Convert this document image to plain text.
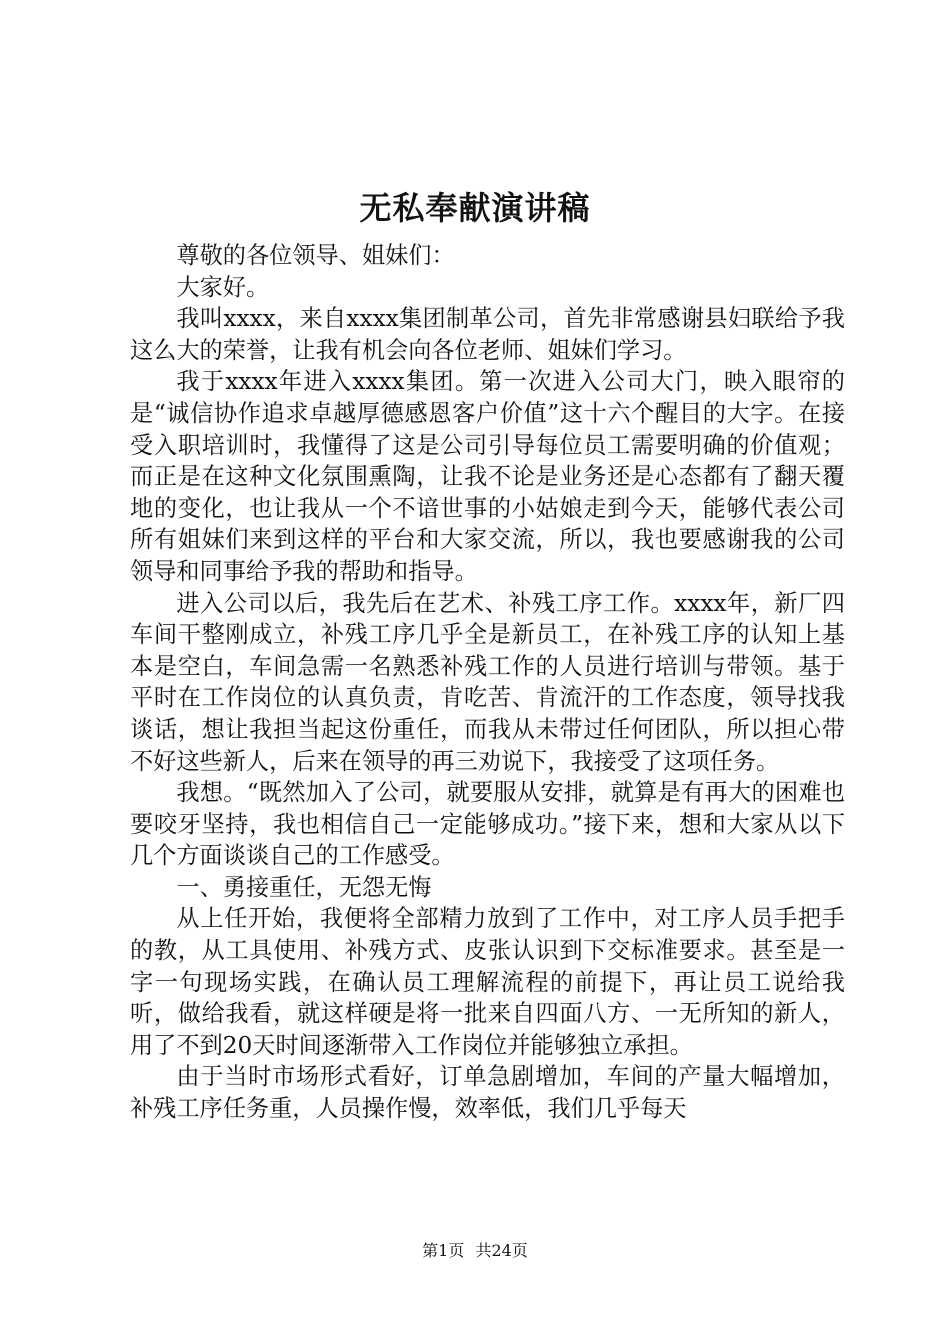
无私奉献演讲稿

尊敬的各位领导、姐妹们：

大家好。

我叫xxxx，来自xxxx集团制革公司，首先非常感谢县妇联给予我这么大的荣誉，让我有机会向各位老师、姐妹们学习。

我于xxxx年进入xxxx集团。第一次进入公司大门，映入眼帘的是“诚信协作追求卓越厚德感恩客户价值”这十六个醒目的大字。在接受入职培训时，我懂得了这是公司引导每位员工需要明确的价值观；而正是在这种文化氛围熏陶，让我不论是业务还是心态都有了翻天覆地的变化，也让我从一个不谙世事的小姑娘走到今天，能够代表公司所有姐妹们来到这样的平台和大家交流，所以，我也要感谢我的公司领导和同事给予我的帮助和指导。

进入公司以后，我先后在艺术、补残工序工作。xxxx年，新厂四车间干整刚成立，补残工序几乎全是新员工，在补残工序的认知上基本是空白，车间急需一名熟悉补残工作的人员进行培训与带领。基于平时在工作岗位的认真负责，肯吃苦、肯流汗的工作态度，领导找我谈话，想让我担当起这份重任，而我从未带过任何团队，所以担心带不好这些新人，后来在领导的再三劝说下，我接受了这项任务。

我想。“既然加入了公司，就要服从安排，就算是有再大的困难也要咬牙坚持，我也相信自己一定能够成功。”接下来，想和大家从以下几个方面谈谈自己的工作感受。

一、勇接重任，无怨无悔

从上任开始，我便将全部精力放到了工作中，对工序人员手把手的教，从工具使用、补残方式、皮张认识到下交标准要求。甚至是一字一句现场实践，在确认员工理解流程的前提下，再让员工说给我听，做给我看，就这样硬是将一批来自四面八方、一无所知的新人，用了不到20天时间逐渐带入工作岗位并能够独立承担。

由于当时市场形式看好，订单急剧增加，车间的产量大幅增加，补残工序任务重，人员操作慢，效率低，我们几乎每天

第1页 共24页
